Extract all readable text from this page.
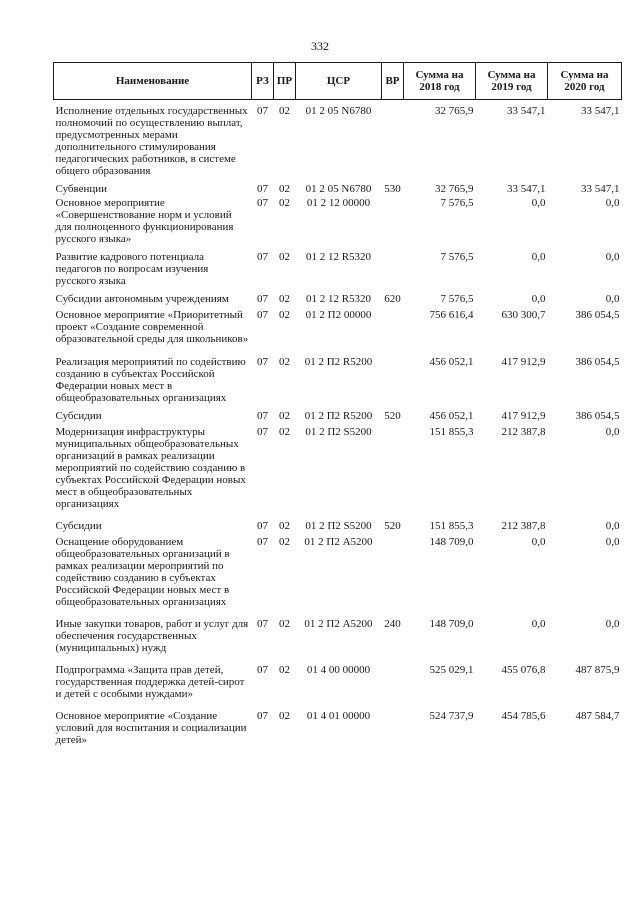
332
Наименование	РЗ	ПР	ЦСР	ВР	Сумма на 2018 год	Сумма на 2019 год	Сумма на 2020 год
Исполнение отдельных государственных полномочий по осуществлению выплат, предусмотренных мерами дополнительного стимулирования педагогических работников, в системе общего образования	07	02	01 2 05 N6780		32 765,9	33 547,1	33 547,1
Субвенции	07	02	01 2 05 N6780	530	32 765,9	33 547,1	33 547,1
Основное мероприятие «Совершенствование норм и условий для полноценного функционирования русского языка»	07	02	01 2 12 00000		7 576,5	0,0	0,0
Развитие кадрового потенциала педагогов по вопросам изучения русского языка	07	02	01 2 12 R5320		7 576,5	0,0	0,0
Субсидии автономным учреждениям	07	02	01 2 12 R5320	620	7 576,5	0,0	0,0
Основное мероприятие «Приоритетный проект «Создание современной образовательной среды для школьников»	07	02	01 2 П2 00000		756 616,4	630 300,7	386 054,5
Реализация мероприятий по содействию созданию в субъектах Российской Федерации новых мест в общеобразовательных организациях	07	02	01 2 П2 R5200		456 052,1	417 912,9	386 054,5
Субсидии	07	02	01 2 П2 R5200	520	456 052,1	417 912,9	386 054,5
Модернизация инфраструктуры муниципальных общеобразовательных организаций в рамках реализации мероприятий по содействию созданию в субъектах Российской Федерации новых мест в общеобразовательных организациях	07	02	01 2 П2 S5200		151 855,3	212 387,8	0,0
Субсидии	07	02	01 2 П2 S5200	520	151 855,3	212 387,8	0,0
Оснащение оборудованием общеобразовательных организаций в рамках реализации мероприятий по содействию созданию в субъектах Российской Федерации новых мест в общеобразовательных организациях	07	02	01 2 П2 A5200		148 709,0	0,0	0,0
Иные закупки товаров, работ и услуг для обеспечения государственных (муниципальных) нужд	07	02	01 2 П2 A5200	240	148 709,0	0,0	0,0
Подпрограмма «Защита прав детей, государственная поддержка детей-сирот и детей с особыми нуждами»	07	02	01 4 00 00000		525 029,1	455 076,8	487 875,9
Основное мероприятие «Создание условий для воспитания и социализации детей»	07	02	01 4 01 00000		524 737,9	454 785,6	487 584,7
